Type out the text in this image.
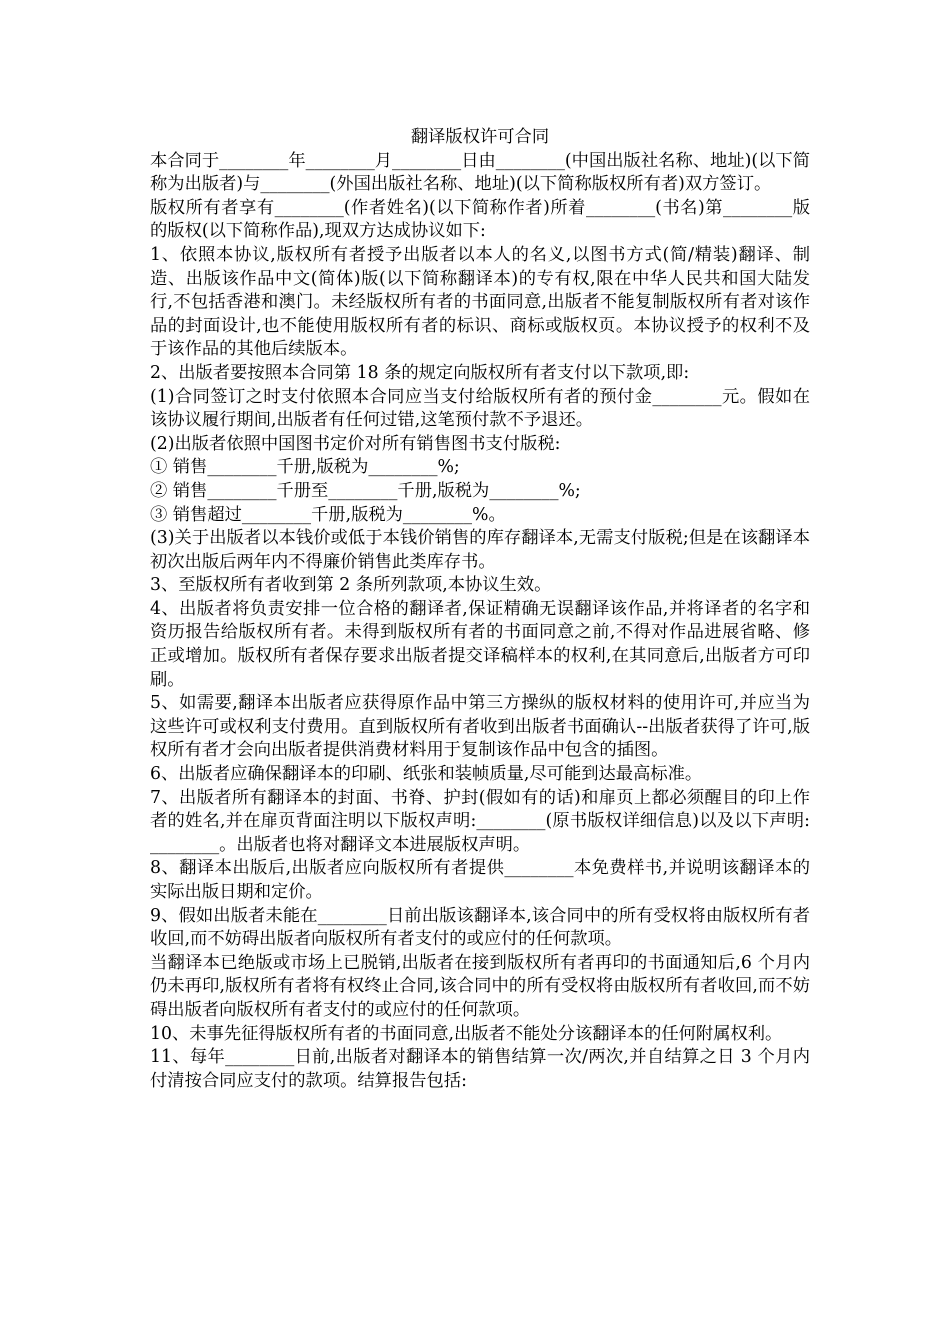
翻译版权许可合同

本合同于________年________月________日由________(中国出版社名称、地址)(以下简称为出版者)与________(外国出版社名称、地址)(以下简称版权所有者)双方签订。

版权所有者享有________(作者姓名)(以下简称作者)所着________(书名)第________版的版权(以下简称作品),现双方达成协议如下:

1、依照本协议,版权所有者授予出版者以本人的名义,以图书方式(简/精装)翻译、制造、出版该作品中文(简体)版(以下简称翻译本)的专有权,限在中华人民共和国大陆发行,不包括香港和澳门。未经版权所有者的书面同意,出版者不能复制版权所有者对该作品的封面设计,也不能使用版权所有者的标识、商标或版权页。本协议授予的权利不及于该作品的其他后续版本。

2、出版者要按照本合同第 18 条的规定向版权所有者支付以下款项,即:

(1)合同签订之时支付依照本合同应当支付给版权所有者的预付金________元。假如在该协议履行期间,出版者有任何过错,这笔预付款不予退还。

(2)出版者依照中国图书定价对所有销售图书支付版税:

① 销售________千册,版税为________%;

② 销售________千册至________千册,版税为________%;

③ 销售超过________千册,版税为________%。

(3)关于出版者以本钱价或低于本钱价销售的库存翻译本,无需支付版税;但是在该翻译本初次出版后两年内不得廉价销售此类库存书。

3、至版权所有者收到第 2 条所列款项,本协议生效。

4、出版者将负责安排一位合格的翻译者,保证精确无误翻译该作品,并将译者的名字和资历报告给版权所有者。未得到版权所有者的书面同意之前,不得对作品进展省略、修正或增加。版权所有者保存要求出版者提交译稿样本的权利,在其同意后,出版者方可印刷。

5、如需要,翻译本出版者应获得原作品中第三方操纵的版权材料的使用许可,并应当为这些许可或权利支付费用。直到版权所有者收到出版者书面确认--出版者获得了许可,版权所有者才会向出版者提供消费材料用于复制该作品中包含的插图。

6、出版者应确保翻译本的印刷、纸张和装帧质量,尽可能到达最高标准。

7、出版者所有翻译本的封面、书脊、护封(假如有的话)和扉页上都必须醒目的印上作者的姓名,并在扉页背面注明以下版权声明:________(原书版权详细信息)以及以下声明:________。出版者也将对翻译文本进展版权声明。

8、翻译本出版后,出版者应向版权所有者提供________本免费样书,并说明该翻译本的实际出版日期和定价。

9、假如出版者未能在________日前出版该翻译本,该合同中的所有受权将由版权所有者收回,而不妨碍出版者向版权所有者支付的或应付的任何款项。

当翻译本已绝版或市场上已脱销,出版者在接到版权所有者再印的书面通知后,6 个月内仍未再印,版权所有者将有权终止合同,该合同中的所有受权将由版权所有者收回,而不妨碍出版者向版权所有者支付的或应付的任何款项。

10、未事先征得版权所有者的书面同意,出版者不能处分该翻译本的任何附属权利。

11、每年________日前,出版者对翻译本的销售结算一次/两次,并自结算之日 3 个月内付清按合同应支付的款项。结算报告包括:
